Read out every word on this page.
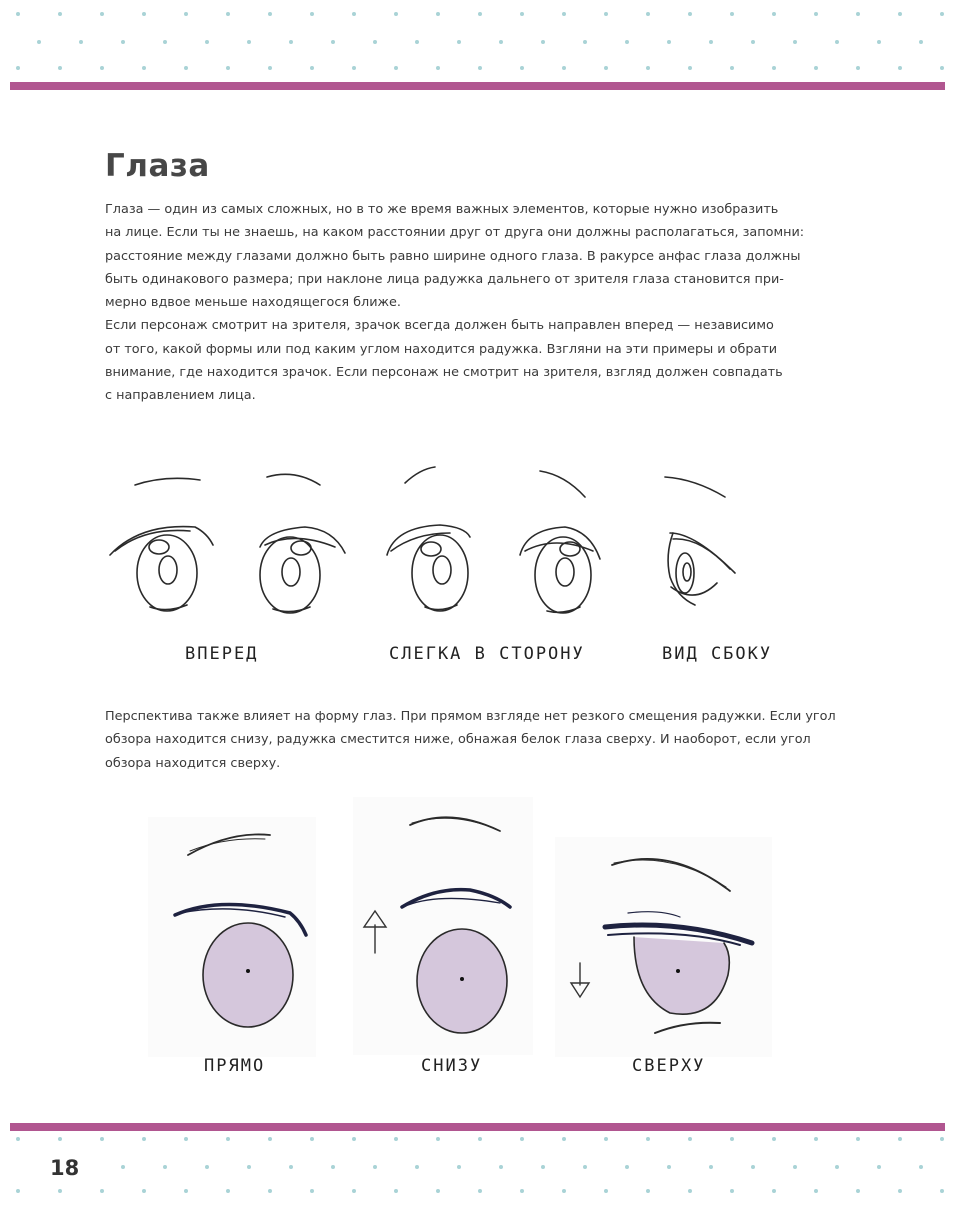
Глаза
Глаза — один из самых сложных, но в то же время важных элементов, которые нужно изобразить
на лице. Если ты не знаешь, на каком расстоянии друг от друга они должны располагаться, запомни:
расстояние между глазами должно быть равно ширине одного глаза. В ракурсе анфас глаза должны
быть одинакового размера; при наклоне лица радужка дальнего от зрителя глаза становится при-
мерно вдвое меньше находящегося ближе.
Если персонаж смотрит на зрителя, зрачок всегда должен быть направлен вперед — независимо
от того, какой формы или под каким углом находится радужка. Взгляни на эти примеры и обрати
внимание, где находится зрачок. Если персонаж не смотрит на зрителя, взгляд должен совпадать
с направлением лица.
ВПЕРЕД	СЛЕГКА В СТОРОНУ	ВИД СБОКУ
Перспектива также влияет на форму глаз. При прямом взгляде нет резкого смещения радужки. Если угол
обзора находится снизу, радужка сместится ниже, обнажая белок глаза сверху. И наоборот, если угол
обзора находится сверху.
ПРЯМО	СНИЗУ	СВЕРХУ
18
